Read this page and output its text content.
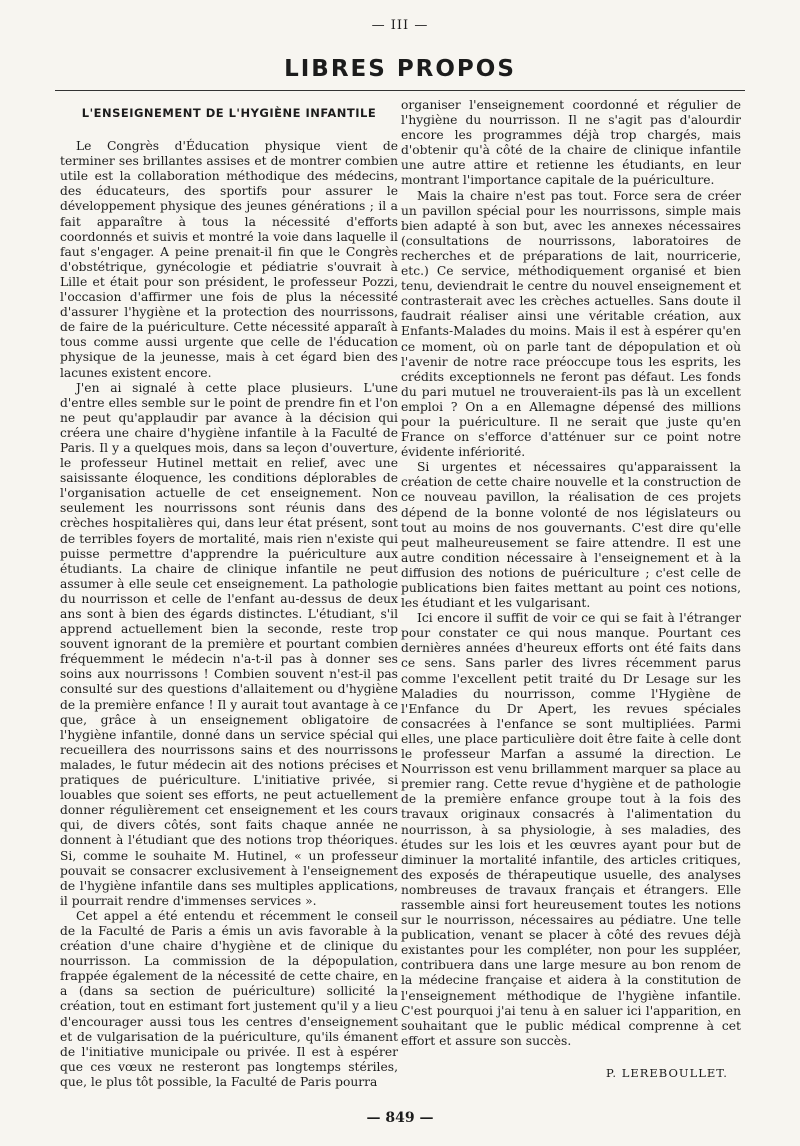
— III —
LIBRES PROPOS
L'ENSEIGNEMENT DE L'HYGIÈNE INFANTILE

Le Congrès d'Éducation physique vient de terminer ses brillantes assises et de montrer combien utile est la collaboration méthodique des médecins, des éducateurs, des sportifs pour assurer le développement physique des jeunes générations ; il a fait apparaître à tous la nécessité d'efforts coordonnés et suivis et montré la voie dans laquelle il faut s'engager. A peine prenait-il fin que le Congrès d'obstétrique, gynécologie et pédiatrie s'ouvrait à Lille et était pour son président, le professeur Pozzi, l'occasion d'affirmer une fois de plus la nécessité d'assurer l'hygiène et la protection des nourrissons, de faire de la puériculture. Cette nécessité apparaît à tous comme aussi urgente que celle de l'éducation physique de la jeunesse, mais à cet égard bien des lacunes existent encore.

J'en ai signalé à cette place plusieurs. L'une d'entre elles semble sur le point de prendre fin et l'on ne peut qu'applaudir par avance à la décision qui créera une chaire d'hygiène infantile à la Faculté de Paris. Il y a quelques mois, dans sa leçon d'ouverture, le professeur Hutinel mettait en relief, avec une saisissante éloquence, les conditions déplorables de l'organisation actuelle de cet enseignement. Non seulement les nourrissons sont réunis dans des crèches hospitalières qui, dans leur état présent, sont de terribles foyers de mortalité, mais rien n'existe qui puisse permettre d'apprendre la puériculture aux étudiants. La chaire de clinique infantile ne peut assumer à elle seule cet enseignement. La pathologie du nourrisson et celle de l'enfant au-dessus de deux ans sont à bien des égards distinctes. L'étudiant, s'il apprend actuellement bien la seconde, reste trop souvent ignorant de la première et pourtant combien fréquemment le médecin n'a-t-il pas à donner ses soins aux nourrissons ! Combien souvent n'est-il pas consulté sur des questions d'allaitement ou d'hygiène de la première enfance ! Il y aurait tout avantage à ce que, grâce à un enseignement obligatoire de l'hygiène infantile, donné dans un service spécial qui recueillera des nourrissons sains et des nourrissons malades, le futur médecin ait des notions précises et pratiques de puériculture. L'initiative privée, si louables que soient ses efforts, ne peut actuellement donner régulièrement cet enseignement et les cours qui, de divers côtés, sont faits chaque année ne donnent à l'étudiant que des notions trop théoriques. Si, comme le souhaite M. Hutinel, « un professeur pouvait se consacrer exclusivement à l'enseignement de l'hygiène infantile dans ses multiples applications, il pourrait rendre d'immenses services ».

Cet appel a été entendu et récemment le conseil de la Faculté de Paris a émis un avis favorable à la création d'une chaire d'hygiène et de clinique du nourrisson. La commission de la dépopulation, frappée également de la nécessité de cette chaire, en a (dans sa section de puériculture) sollicité la création, tout en estimant fort justement qu'il y a lieu d'encourager aussi tous les centres d'enseignement et de vulgarisation de la puériculture, qu'ils émanent de l'initiative municipale ou privée. Il est à espérer que ces vœux ne resteront pas longtemps stériles, que, le plus tôt possible, la Faculté de Paris pourra

organiser l'enseignement coordonné et régulier de l'hygiène du nourrisson. Il ne s'agit pas d'alourdir encore les programmes déjà trop chargés, mais d'obtenir qu'à côté de la chaire de clinique infantile une autre attire et retienne les étudiants, en leur montrant l'importance capitale de la puériculture.

Mais la chaire n'est pas tout. Force sera de créer un pavillon spécial pour les nourrissons, simple mais bien adapté à son but, avec les annexes nécessaires (consultations de nourrissons, laboratoires de recherches et de préparations de lait, nourricerie, etc.) Ce service, méthodiquement organisé et bien tenu, deviendrait le centre du nouvel enseignement et contrasterait avec les crèches actuelles. Sans doute il faudrait réaliser ainsi une véritable création, aux Enfants-Malades du moins. Mais il est à espérer qu'en ce moment, où on parle tant de dépopulation et où l'avenir de notre race préoccupe tous les esprits, les crédits exceptionnels ne feront pas défaut. Les fonds du pari mutuel ne trouveraient-ils pas là un excellent emploi ? On a en Allemagne dépensé des millions pour la puériculture. Il ne serait que juste qu'en France on s'efforce d'atténuer sur ce point notre évidente infériorité.

Si urgentes et nécessaires qu'apparaissent la création de cette chaire nouvelle et la construction de ce nouveau pavillon, la réalisation de ces projets dépend de la bonne volonté de nos législateurs ou tout au moins de nos gouvernants. C'est dire qu'elle peut malheureusement se faire attendre. Il est une autre condition nécessaire à l'enseignement et à la diffusion des notions de puériculture ; c'est celle de publications bien faites mettant au point ces notions, les étudiant et les vulgarisant.

Ici encore il suffit de voir ce qui se fait à l'étranger pour constater ce qui nous manque. Pourtant ces dernières années d'heureux efforts ont été faits dans ce sens. Sans parler des livres récemment parus comme l'excellent petit traité du Dr Lesage sur les Maladies du nourrisson, comme l'Hygiène de l'Enfance du Dr Apert, les revues spéciales consacrées à l'enfance se sont multipliées. Parmi elles, une place particulière doit être faite à celle dont le professeur Marfan a assumé la direction. Le Nourrisson est venu brillamment marquer sa place au premier rang. Cette revue d'hygiène et de pathologie de la première enfance groupe tout à la fois des travaux originaux consacrés à l'alimentation du nourrisson, à sa physiologie, à ses maladies, des études sur les lois et les œuvres ayant pour but de diminuer la mortalité infantile, des articles critiques, des exposés de thérapeutique usuelle, des analyses nombreuses de travaux français et étrangers. Elle rassemble ainsi fort heureusement toutes les notions sur le nourrisson, nécessaires au pédiatre. Une telle publication, venant se placer à côté des revues déjà existantes pour les compléter, non pour les suppléer, contribuera dans une large mesure au bon renom de la médecine française et aidera à la constitution de l'enseignement méthodique de l'hygiène infantile. C'est pourquoi j'ai tenu à en saluer ici l'apparition, en souhaitant que le public médical comprenne à cet effort et assure son succès.

P. LEREBOULLET.
— 849 —
